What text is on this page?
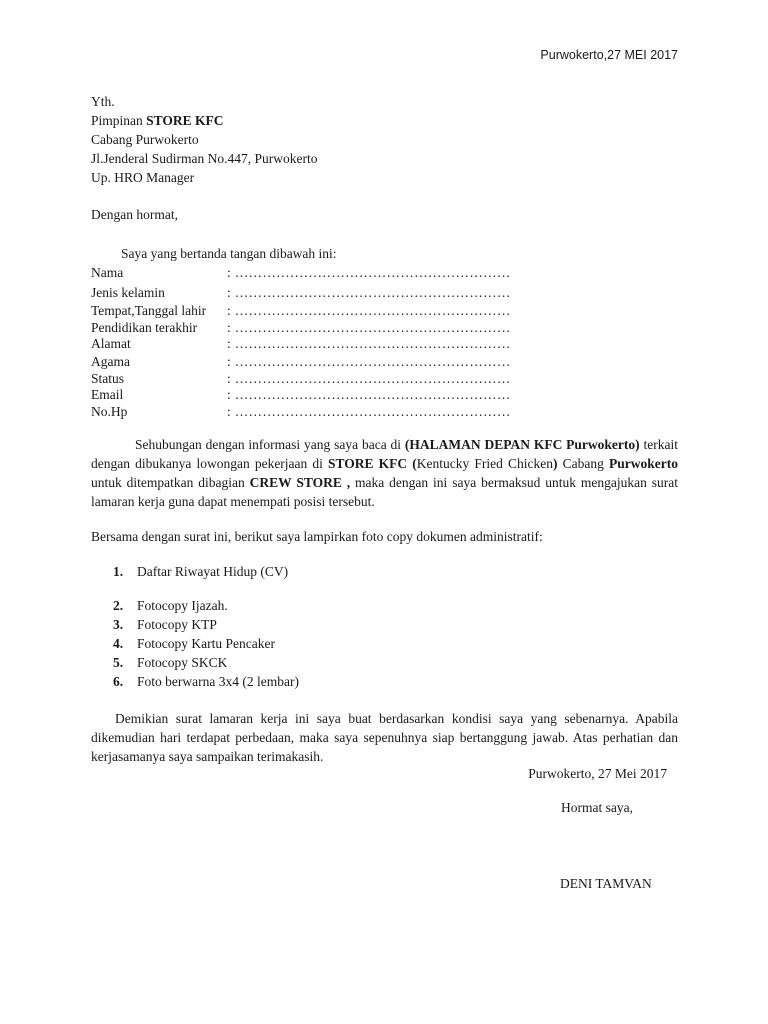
Purwokerto,27 MEI 2017
Yth.
Pimpinan STORE KFC
Cabang Purwokerto
Jl.Jenderal Sudirman No.447, Purwokerto
Up. HRO Manager
Dengan hormat,
Saya yang bertanda tangan dibawah ini:
Nama	: ……………………………………………………
Jenis kelamin	: ……………………………………………………
Tempat,Tanggal lahir : ……………………………………………………
Pendidikan terakhir : ……………………………………………………
Alamat	: ……………………………………………………
Agama	: ……………………………………………………
Status	: ……………………………………………………
Email	: ……………………………………………………
No.Hp	: ……………………………………………………
Sehubungan dengan informasi yang saya baca di (HALAMAN DEPAN KFC Purwokerto) terkait dengan dibukanya lowongan pekerjaan di STORE KFC (Kentucky Fried Chicken) Cabang Purwokerto untuk ditempatkan dibagian CREW STORE , maka dengan ini saya bermaksud untuk mengajukan surat lamaran kerja guna dapat menempati posisi tersebut.
Bersama dengan surat ini, berikut saya lampirkan foto copy dokumen administratif:
1. Daftar Riwayat Hidup (CV)
2. Fotocopy Ijazah.
3. Fotocopy KTP
4. Fotocopy Kartu Pencaker
5. Fotocopy SKCK
6. Foto berwarna 3x4 (2 lembar)
Demikian surat lamaran kerja ini saya buat berdasarkan kondisi saya yang sebenarnya. Apabila dikemudian hari terdapat perbedaan, maka saya sepenuhnya siap bertanggung jawab. Atas perhatian dan kerjasamanya saya sampaikan terimakasih.
Purwokerto, 27 Mei 2017
Hormat saya,
DENI TAMVAN
